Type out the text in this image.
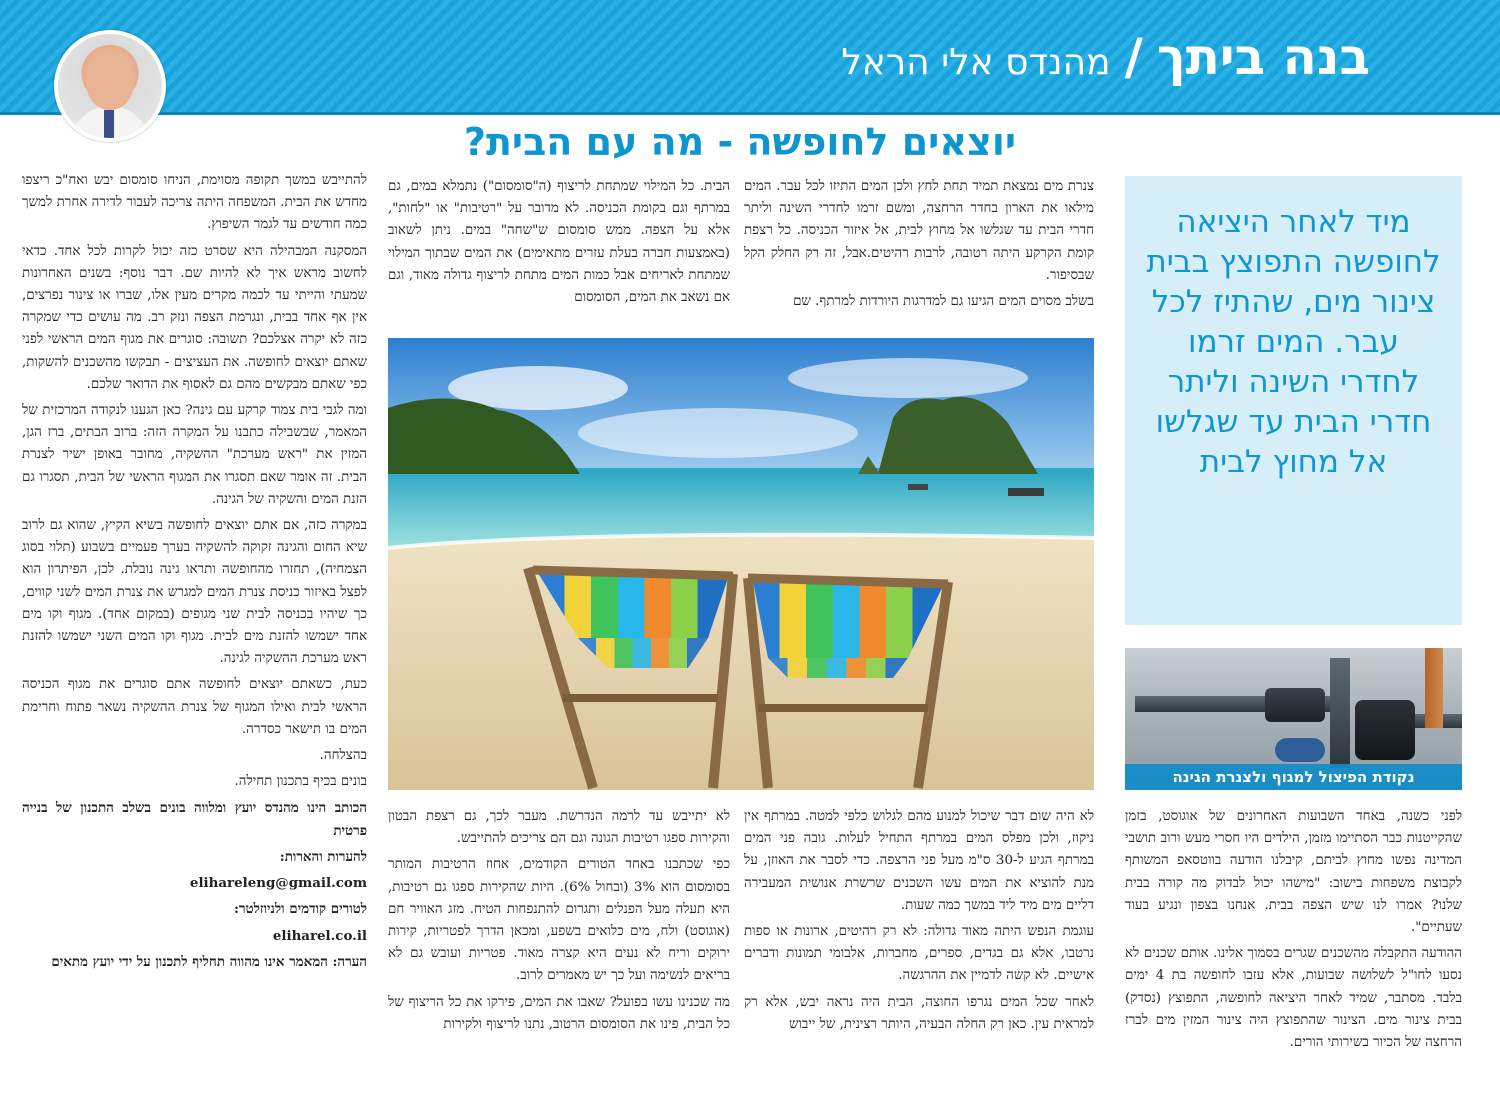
בנה ביתך/מהנדס אלי הראל
יוצאים לחופשה - מה עם הבית?
מיד לאחר היציאה לחופשה התפוצץ בבית צינור מים, שהתיז לכל עבר. המים זרמו לחדרי השינה וליתר חדרי הבית עד שגלשו אל מחוץ לבית
נקודת הפיצול למגוף ולצנרת הגינה

צנרת מים נמצאת תמיד תחת לחץ ולכן המים התיזו לכל עבר. המים מילאו את הארון בחדר הרחצה, ומשם זרמו לחדרי השינה וליתר חדרי הבית עד שגלשו אל מחוץ לבית, אל איזור הכניסה. כל רצפת קומת הקרקע היתה רטובה, לרבות רהיטים.אבל, זה רק החלק הקל שבסיפור.

בשלב מסוים המים הגיעו גם למדרגות היורדות למרתף. שם

הבית. כל המילוי שמתחת לריצוף (ה"סומסום") נתמלא במים, גם במרתף וגם בקומת הכניסה. לא מדובר על "רטיבות" או "לחות", אלא על הצפה. ממש סומסום ש"שחה" במים. ניתן לשאוב (באמצעות חברה בעלת עזרים מתאימים) את המים שבתוך המילוי שמתחת לאריחים אבל כמות המים מתחת לריצוף גדולה מאוד, וגם אם נשאב את המים, הסומסום

לפני כשנה, באחד השבועות האחרונים של אוגוסט, בזמן שהקייטנות כבר הסתיימו מזמן, הילדים היו חסרי מעש ורוב תושבי המדינה נפשו מחוץ לביתם, קיבלנו הודעה בווטסאפ המשותף לקבוצת משפחות בישוב: "מישהו יכול לבדוק מה קורה בבית שלנו? אמרו לנו שיש הצפה בבית. אנחנו בצפון ונגיע בעוד שעתיים".

ההודעה התקבלה מהשכנים שגרים בסמוך אלינו. אותם שכנים לא נסעו לחו"ל לשלושה שבועות, אלא עזבו לחופשה בת 4 ימים בלבד. מסתבר, שמיד לאחר היציאה לחופשה, התפוצץ (נסדק) בבית צינור מים. הצינור שהתפוצץ היה צינור המזין מים לברז הרחצה של הכיור בשירותי הורים.

לא היה שום דבר שיכול למנוע מהם לגלוש כלפי למטה. במרתף אין ניקוז, ולכן מפלס המים במרתף התחיל לעלות. גובה פני המים במרתף הגיע ל-30 ס"מ מעל פני הרצפה. כדי לסבר את האוזן, על מנת להוציא את המים עשו השכנים שרשרת אנושית המעבירה דליים מים מיד ליד במשך כמה שעות.

עוגמת הנפש היתה מאוד גדולה: לא רק רהיטים, ארונות או ספות נרטבו, אלא גם בגדים, ספרים, מחברות, אלבומי תמונות ודברים אישיים. לא קשה לדמיין את ההרגשה.

לאחר שכל המים נגרפו החוצה, הבית היה נראה יבש, אלא רק למראית עין. כאן רק החלה הבעיה, היותר רצינית, של ייבוש

לא יתייבש עד לרמה הנדרשת. מעבר לכך, גם רצפת הבטון והקירות ספגו רטיבות הגונה וגם הם צריכים להתייבש.

כפי שכתבנו באחד הטורים הקודמים, אחוז הרטיבות המותר בסומסום הוא 3% (ובחול 6%). היות שהקירות ספגו גם רטיבות, היא תעלה מעל הפנלים ותגרום להתנפחות הטיח. מזג האוויר חם (אוגוסט) ולח, מים כלואים בשפע, ומכאן הדרך לפטריות, קירות ירוקים וריח לא נעים היא קצרה מאוד. פטריות ועובש גם לא בריאים לנשימה ועל כך יש מאמרים לרוב.

מה שכנינו עשו בפועל? שאבו את המים, פירקו את כל הריצוף של כל הבית, פינו את הסומסום הרטוב, נתנו לריצוף ולקירות

להתייבש במשך תקופה מסוימת, הניחו סומסום יבש ואח"כ ריצפו מחדש את הבית. המשפחה היתה צריכה לעבור לדירה אחרת למשך כמה חודשים עד לגמר השיפוץ.

המסקנה המבהילה היא שסרט כזה יכול לקרות לכל אחד. כדאי לחשוב מראש איך לא להיות שם. דבר נוסף: בשנים האחרונות שמעתי והייתי עד לכמה מקרים מעין אלו, שברו או צינור נפרצים, אין אף אחד בבית, ונגרמת הצפה ונזק רב. מה עושים כדי שמקרה כזה לא יקרה אצלכם? תשובה: סוגרים את מגוף המים הראשי לפני שאתם יוצאים לחופשה. את העציצים - תבקשו מהשכנים להשקות, כפי שאתם מבקשים מהם גם לאסוף את הדואר שלכם.

ומה לגבי בית צמוד קרקע עם גינה? כאן הגענו לנקודה המרכזית של המאמר, שבשבילה כתבנו על המקרה הזה: ברוב הבתים, ברז הגן, המזין את "ראש מערכת" ההשקיה, מחובר באופן ישיר לצנרת הבית. זה אומר שאם תסגרו את המגוף הראשי של הבית, תסגרו גם הזנת המים והשקיה של הגינה.

במקרה כזה, אם אתם יוצאים לחופשה בשיא הקיץ, שהוא גם לרוב שיא החום והגינה זקוקה להשקיה בערך פעמיים בשבוע (תלוי בסוג הצמחיה), תחזרו מהחופשה ותראו גינה נובלת. לכן, הפיתרון הוא לפצל באיזור כניסת צנרת המים למגרש את צנרת המים לשני קווים, כך שיהיו בכניסה לבית שני מגופים (במקום אחד). מגוף וקו מים אחד ישמשו להזנת מים לבית. מגוף וקו המים השני ישמשו להזנת ראש מערכת ההשקיה לגינה.

כעת, כשאתם יוצאים לחופשה אתם סוגרים את מגוף הכניסה הראשי לבית ואילו המגוף של צנרת ההשקיה נשאר פתוח וחרימת המים בו תישאר כסדרה.

בהצלחה.

בונים בכיף בתכנון תחילה.

הכותב הינו מהנדס יועץ ומלווה בונים בשלב התכנון של בנייה פרטית

להערות והארות:

elihareleng@gmail.com

לטורים קודמים ולניוזלטר:

eliharel.co.il

הערה: המאמר אינו מהווה תחליף לתכנון על ידי יועץ מתאים
